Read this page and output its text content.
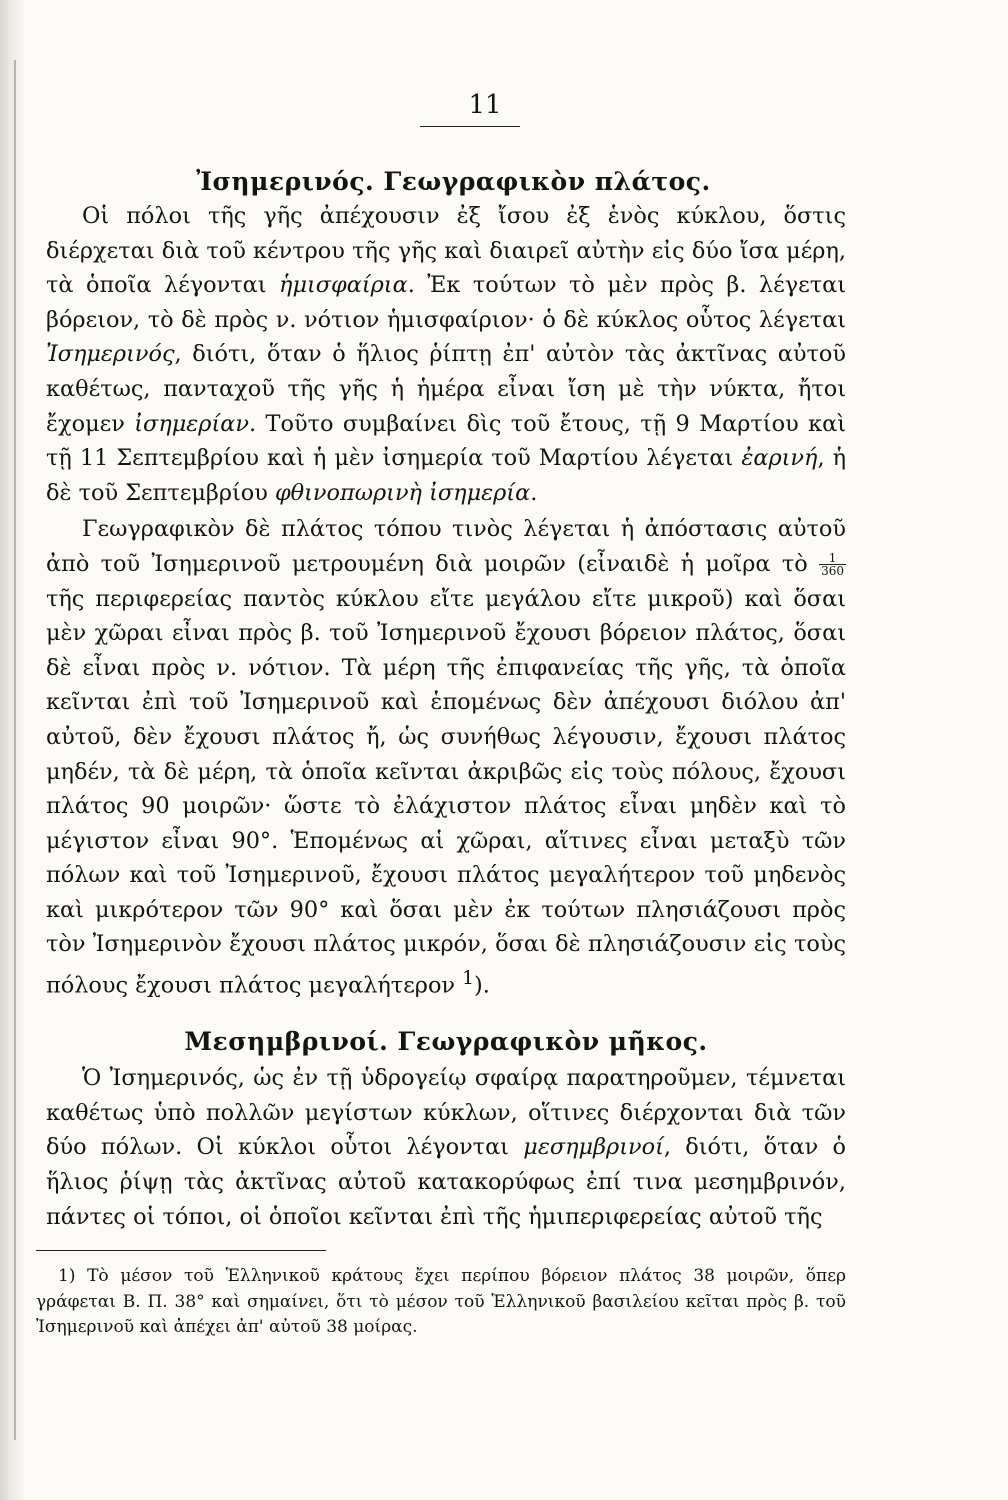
11
Ἰσημερινός. Γεωγραφικὸν πλάτος.

Οἱ πόλοι τῆς γῆς ἀπέχουσιν ἐξ ἴσου ἐξ ἑνὸς κύκλου, ὅστις διέρχεται διὰ τοῦ κέντρου τῆς γῆς καὶ διαιρεῖ αὐτὴν εἰς δύο ἴσα μέρη, τὰ ὁποῖα λέγονται ἡμισφαίρια. Ἐκ τούτων τὸ μὲν πρὸς β. λέγεται βόρειον, τὸ δὲ πρὸς ν. νότιον ἡμισφαίριον· ὁ δὲ κύκλος οὗτος λέγεται Ἰσημερινός, διότι, ὅταν ὁ ἥλιος ῥίπτῃ ἐπ' αὐτὸν τὰς ἀκτῖνας αὐτοῦ καθέτως, πανταχοῦ τῆς γῆς ἡ ἡμέρα εἶναι ἴση μὲ τὴν νύκτα, ἤτοι ἔχομεν ἰσημερίαν. Τοῦτο συμβαίνει δὶς τοῦ ἔτους, τῇ 9 Μαρτίου καὶ τῇ 11 Σεπτεμβρίου καὶ ἡ μὲν ἰσημερία τοῦ Μαρτίου λέγεται ἐαρινή, ἡ δὲ τοῦ Σεπτεμβρίου φθινοπωρινὴ ἰσημερία.

Γεωγραφικὸν δὲ πλάτος τόπου τινὸς λέγεται ἡ ἀπόστασις αὐτοῦ ἀπὸ τοῦ Ἰσημερινοῦ μετρουμένη διὰ μοιρῶν (εἶναιδὲ ἡ μοῖρα τὸ $\frac{1}{360}$
τῆς περιφερείας παντὸς κύκλου εἴτε μεγάλου εἴτε μικροῦ) καὶ ὅσαι μὲν χῶραι εἶναι πρὸς β. τοῦ Ἰσημερινοῦ ἔχουσι βόρειον πλάτος, ὅσαι δὲ εἶναι πρὸς ν. νότιον. Τὰ μέρη τῆς ἐπιφανείας τῆς γῆς, τὰ ὁποῖα κεῖνται ἐπὶ τοῦ Ἰσημερινοῦ καὶ ἑπομένως δὲν ἀπέχουσι διόλου ἀπ' αὐτοῦ, δὲν ἔχουσι πλάτος ἤ, ὡς συνήθως λέγουσιν, ἔχουσι πλάτος μηδέν, τὰ δὲ μέρη, τὰ ὁποῖα κεῖνται ἀκριβῶς εἰς τοὺς πόλους, ἔχουσι πλάτος 90 μοιρῶν· ὥστε τὸ ἐλάχιστον πλάτος εἶναι μηδὲν καὶ τὸ μέγιστον εἶναι 90°. Ἑπομένως αἱ χῶραι, αἵτινες εἶναι μεταξὺ τῶν πόλων καὶ τοῦ Ἰσημερινοῦ, ἔχουσι πλάτος μεγαλήτερον τοῦ μηδενὸς καὶ μικρότερον τῶν 90° καὶ ὅσαι μὲν ἐκ τούτων πλησιάζουσι πρὸς τὸν Ἰσημερινὸν ἔχουσι πλάτος μικρόν, ὅσαι δὲ πλησιάζουσιν εἰς τοὺς πόλους ἔχουσι πλάτος μεγαλήτερον $^1$).

Μεσημβρινοί. Γεωγραφικὸν μῆκος.

Ὁ Ἰσημερινός, ὡς ἐν τῇ ὑδρογείῳ σφαίρᾳ παρατηροῦμεν, τέμνεται καθέτως ὑπὸ πολλῶν μεγίστων κύκλων, οἵτινες διέρχονται διὰ τῶν δύο πόλων. Οἱ κύκλοι οὗτοι λέγονται μεσημβρινοί, διότι, ὅταν ὁ ἥλιος ῥίψῃ τὰς ἀκτῖνας αὐτοῦ κατακορύφως ἐπί τινα μεσημβρινόν, πάντες οἱ τόποι, οἱ ὁποῖοι κεῖνται ἐπὶ τῆς ἡμιπεριφερείας αὐτοῦ τῆς

1) Τὸ μέσον τοῦ Ἑλληνικοῦ κράτους ἔχει περίπου βόρειον πλάτος 38 μοιρῶν, ὅπερ γράφεται Β. Π. 38° καὶ σημαίνει, ὅτι τὸ μέσον τοῦ Ἑλληνικοῦ βασιλείου κεῖται πρὸς β. τοῦ Ἰσημερινοῦ καὶ ἀπέχει ἀπ' αὐτοῦ 38 μοίρας.
